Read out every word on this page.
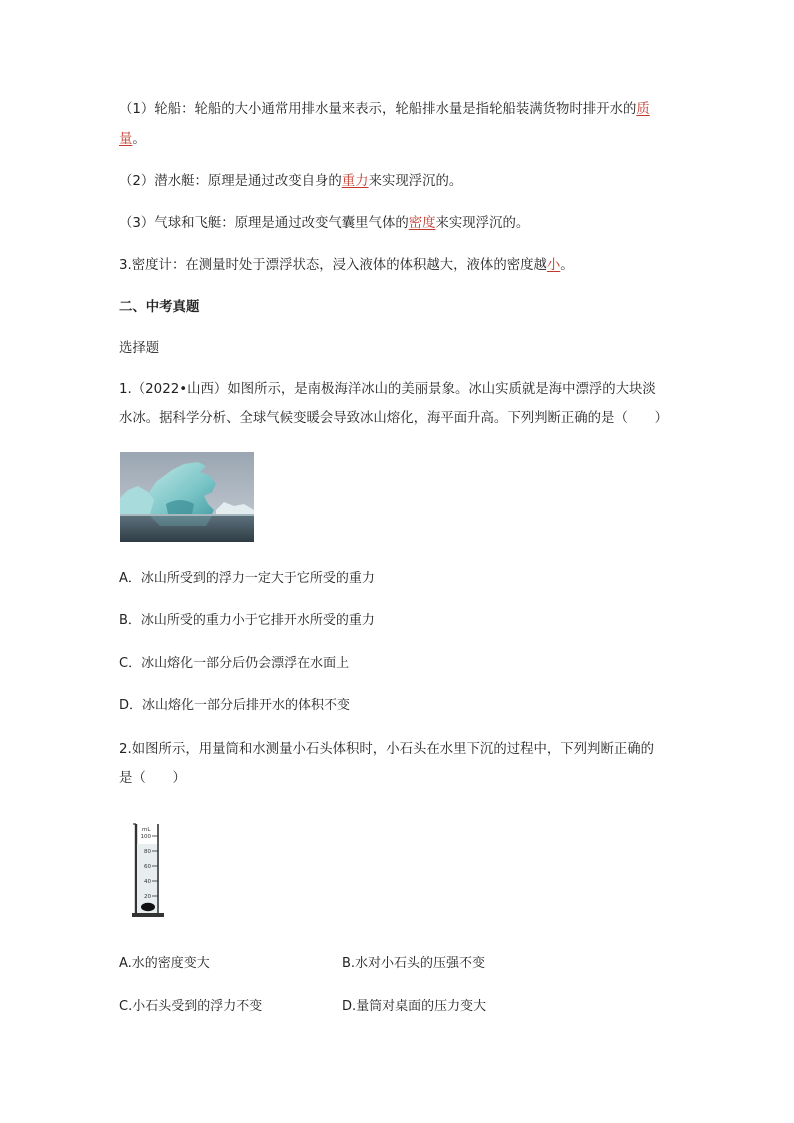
（1）轮船：轮船的大小通常用排水量来表示，轮船排水量是指轮船装满货物时排开水的质
量。
（2）潜水艇：原理是通过改变自身的重力来实现浮沉的。
（3）气球和飞艇：原理是通过改变气囊里气体的密度来实现浮沉的。
3.密度计：在测量时处于漂浮状态，浸入液体的体积越大，液体的密度越小。
二、中考真题
选择题
1.（2022•山西）如图所示，是南极海洋冰山的美丽景象。冰山实质就是海中漂浮的大块淡
水冰。据科学分析、全球气候变暖会导致冰山熔化，海平面升高。下列判断正确的是（　　）
A．冰山所受到的浮力一定大于它所受的重力
B．冰山所受的重力小于它排开水所受的重力
C．冰山熔化一部分后仍会漂浮在水面上
D．冰山熔化一部分后排开水的体积不变
2.如图所示，用量筒和水测量小石头体积时，小石头在水里下沉的过程中，下列判断正确的
是（　　）
mL
100
80
60
40
20
A.水的密度变大	B.水对小石头的压强不变
C.小石头受到的浮力不变	D.量筒对桌面的压力变大
